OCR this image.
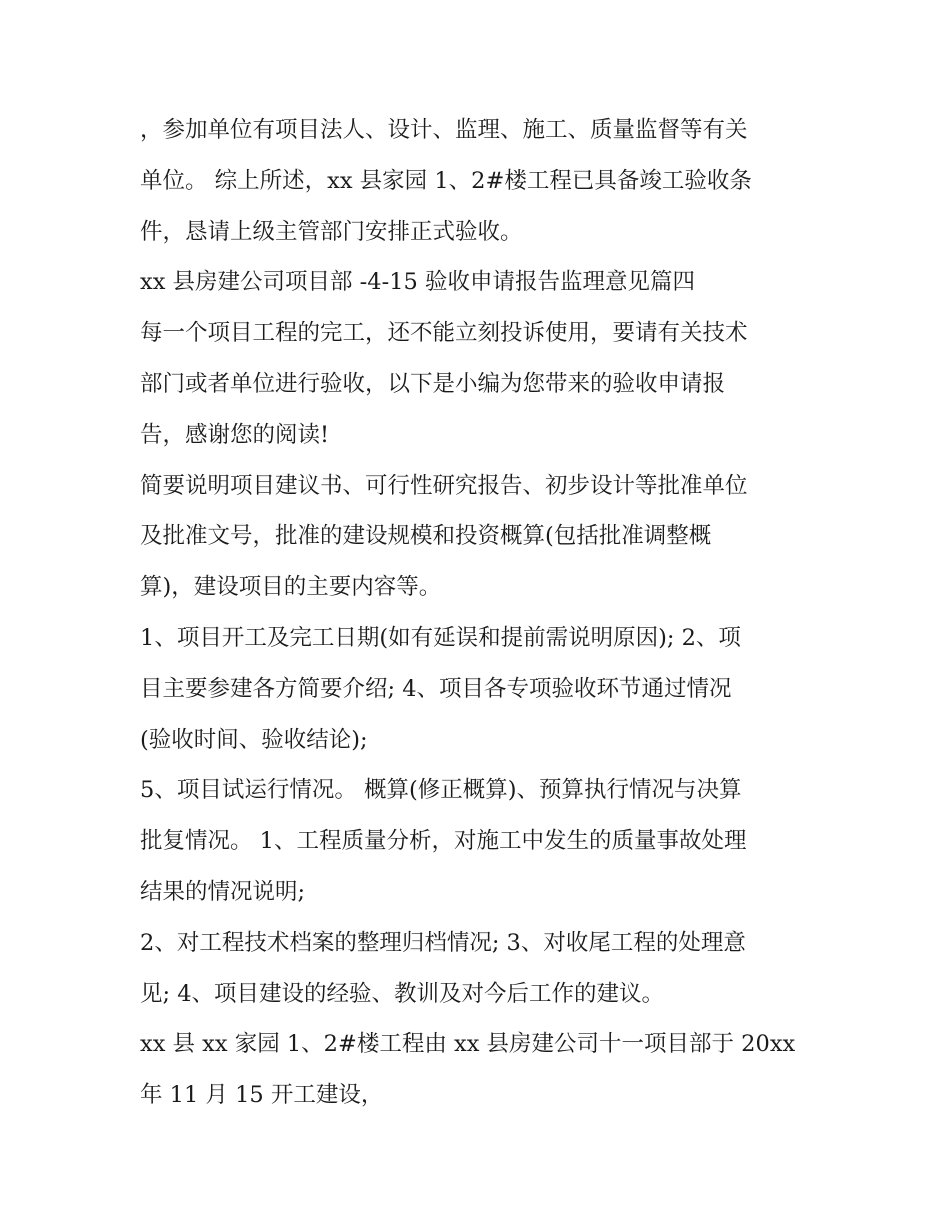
，参加单位有项目法人、设计、监理、施工、质量监督等有关
单位。 综上所述，xx 县家园 1、2#楼工程已具备竣工验收条
件，恳请上级主管部门安排正式验收。
xx 县房建公司项目部 -4-15 验收申请报告监理意见篇四
每一个项目工程的完工，还不能立刻投诉使用，要请有关技术
部门或者单位进行验收，以下是小编为您带来的验收申请报
告，感谢您的阅读!
简要说明项目建议书、可行性研究报告、初步设计等批准单位
及批准文号，批准的建设规模和投资概算(包括批准调整概
算)，建设项目的主要内容等。
1、项目开工及完工日期(如有延误和提前需说明原因); 2、项
目主要参建各方简要介绍; 4、项目各专项验收环节通过情况
(验收时间、验收结论);
5、项目试运行情况。 概算(修正概算)、预算执行情况与决算
批复情况。 1、工程质量分析，对施工中发生的质量事故处理
结果的情况说明;
2、对工程技术档案的整理归档情况; 3、对收尾工程的处理意
见; 4、项目建设的经验、教训及对今后工作的建议。
xx 县 xx 家园 1、2#楼工程由 xx 县房建公司十一项目部于 20xx
年 11 月 15 开工建设，
